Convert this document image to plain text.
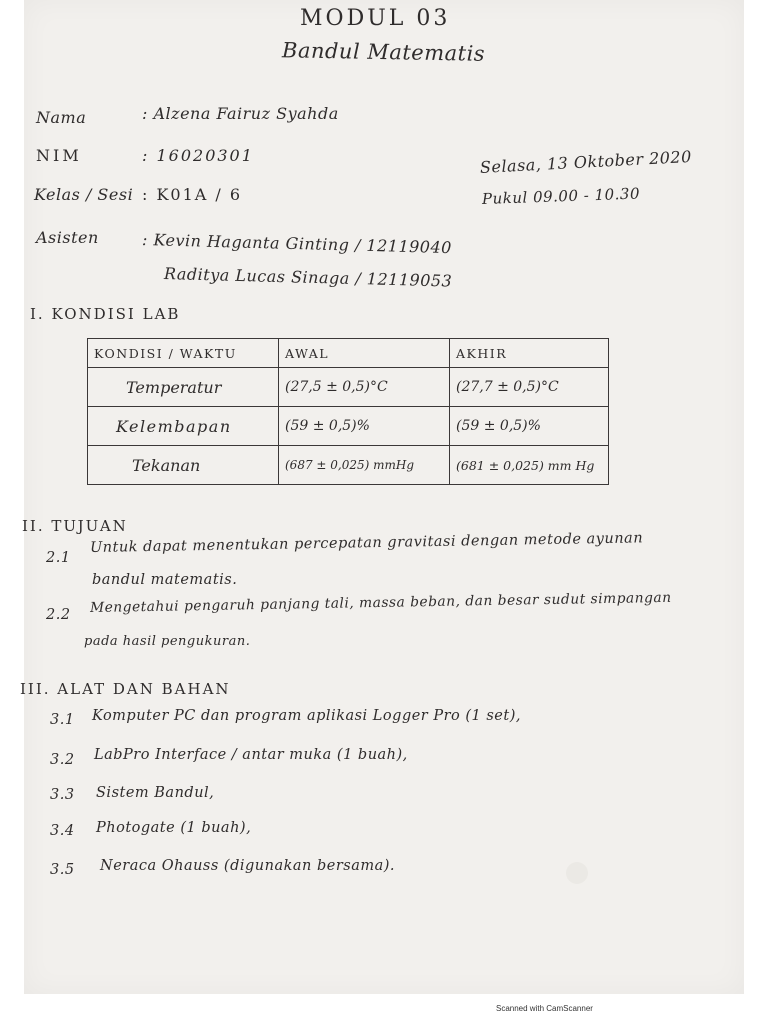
MODUL 03
Bandul Matematis
Nama	: Alzena Fairuz Syahda
NIM	: 16020301
Kelas / Sesi : K01A / 6
Asisten	: Kevin Haganta Ginting / 12119040
Raditya Lucas Sinaga / 12119053
Selasa, 13 Oktober 2020
Pukul 09.00 - 10.30
I. KONDISI LAB
KONDISI / WAKTU	AWAL	AKHIR
Temperatur	(27,5 ± 0,5)°C	(27,7 ± 0,5)°C
Kelembapan	(59 ± 0,5)%	(59 ± 0,5)%
Tekanan	(687 ± 0,025) mmHg	(681 ± 0,025) mm Hg
II. TUJUAN
2.1
Untuk dapat menentukan percepatan gravitasi dengan metode ayunan
bandul matematis.
2.2 Mengetahui pengaruh panjang tali, massa beban, dan besar sudut simpangan
pada hasil pengukuran.
III. ALAT DAN BAHAN
3.1 Komputer PC dan program aplikasi Logger Pro (1 set),
3.2 LabPro Interface / antar muka (1 buah),
3.3 Sistem Bandul,
3.4 Photogate (1 buah),
3.5 Neraca Ohauss (digunakan bersama).
Scanned with CamScanner
